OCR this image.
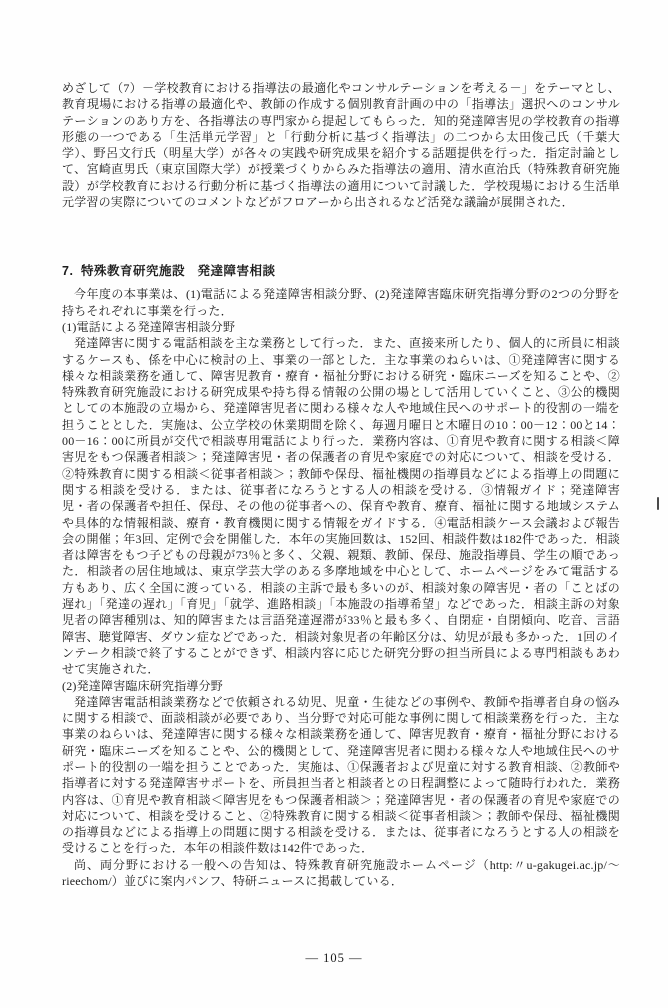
めざして（7）－学校教育における指導法の最適化やコンサルテーションを考える－」をテーマとし、教育現場における指導の最適化や、教師の作成する個別教育計画の中の「指導法」選択へのコンサルテーションのあり方を、各指導法の専門家から提起してもらった．知的発達障害児の学校教育の指導形態の一つである「生活単元学習」と「行動分析に基づく指導法」の二つから太田俊己氏（千葉大学）、野呂文行氏（明星大学）が各々の実践や研究成果を紹介する話題提供を行った．指定討論として、宮崎直男氏（東京国際大学）が授業づくりからみた指導法の適用、清水直治氏（特殊教育研究施設）が学校教育における行動分析に基づく指導法の適用について討議した．学校現場における生活単元学習の実際についてのコメントなどがフロアーから出されるなど活発な議論が展開された．

7. 特殊教育研究施設 発達障害相談

今年度の本事業は、(1)電話による発達障害相談分野、(2)発達障害臨床研究指導分野の2つの分野を持ちそれぞれに事業を行った．

(1)電話による発達障害相談分野

発達障害に関する電話相談を主な業務として行った．また、直接来所したり、個人的に所員に相談するケースも、係を中心に検討の上、事業の一部とした．主な事業のねらいは、①発達障害に関する様々な相談業務を通して、障害児教育・療育・福祉分野における研究・臨床ニーズを知ることや、②特殊教育研究施設における研究成果や持ち得る情報の公開の場として活用していくこと、③公的機関としての本施設の立場から、発達障害児者に関わる様々な人や地域住民へのサポート的役割の一端を担うこととした．実施は、公立学校の休業期間を除く、毎週月曜日と木曜日の10：00－12：00と14：00－16：00に所員が交代で相談専用電話により行った．業務内容は、①育児や教育に関する相談＜障害児をもつ保護者相談＞；発達障害児・者の保護者の育児や家庭での対応について、相談を受ける．②特殊教育に関する相談＜従事者相談＞；教師や保母、福祉機関の指導員などによる指導上の問題に関する相談を受ける．または、従事者になろうとする人の相談を受ける．③情報ガイド；発達障害児・者の保護者や担任、保母、その他の従事者への、保育や教育、療育、福祉に関する地域システムや具体的な情報相談、療育・教育機関に関する情報をガイドする．④電話相談ケース会議および報告会の開催；年3回、定例で会を開催した．本年の実施回数は、152回、相談件数は182件であった．相談者は障害をもつ子どもの母親が73％と多く、父親、親類、教師、保母、施設指導員、学生の順であった．相談者の居住地域は、東京学芸大学のある多摩地域を中心として、ホームページをみて電話する方もあり、広く全国に渡っている．相談の主訴で最も多いのが、相談対象の障害児・者の「ことばの遅れ」「発達の遅れ」「育児」「就学、進路相談」「本施設の指導希望」などであった．相談主訴の対象児者の障害種別は、知的障害または言語発達遅滞が33％と最も多く、自閉症・自閉傾向、吃音、言語障害、聴覚障害、ダウン症などであった．相談対象児者の年齢区分は、幼児が最も多かった．1回のインテーク相談で終了することができず、相談内容に応じた研究分野の担当所員による専門相談もあわせて実施された．

(2)発達障害臨床研究指導分野

発達障害電話相談業務などで依頼される幼児、児童・生徒などの事例や、教師や指導者自身の悩みに関する相談で、面談相談が必要であり、当分野で対応可能な事例に関して相談業務を行った．主な事業のねらいは、発達障害に関する様々な相談業務を通して、障害児教育・療育・福祉分野における研究・臨床ニーズを知ることや、公的機関として、発達障害児者に関わる様々な人や地域住民へのサポート的役割の一端を担うことであった．実施は、①保護者および児童に対する教育相談、②教師や指導者に対する発達障害サポートを、所員担当者と相談者との日程調整によって随時行われた．業務内容は、①育児や教育相談＜障害児をもつ保護者相談＞；発達障害児・者の保護者の育児や家庭での対応について、相談を受けること、②特殊教育に関する相談＜従事者相談＞；教師や保母、福祉機関の指導員などによる指導上の問題に関する相談を受ける．または、従事者になろうとする人の相談を受けることを行った．本年の相談件数は142件であった．

尚、両分野における一般への告知は、特殊教育研究施設ホームページ（http:〃u-gakugei.ac.jp/～rieechom/）並びに案内パンフ、特研ニュースに掲載している．

― 105 ―
